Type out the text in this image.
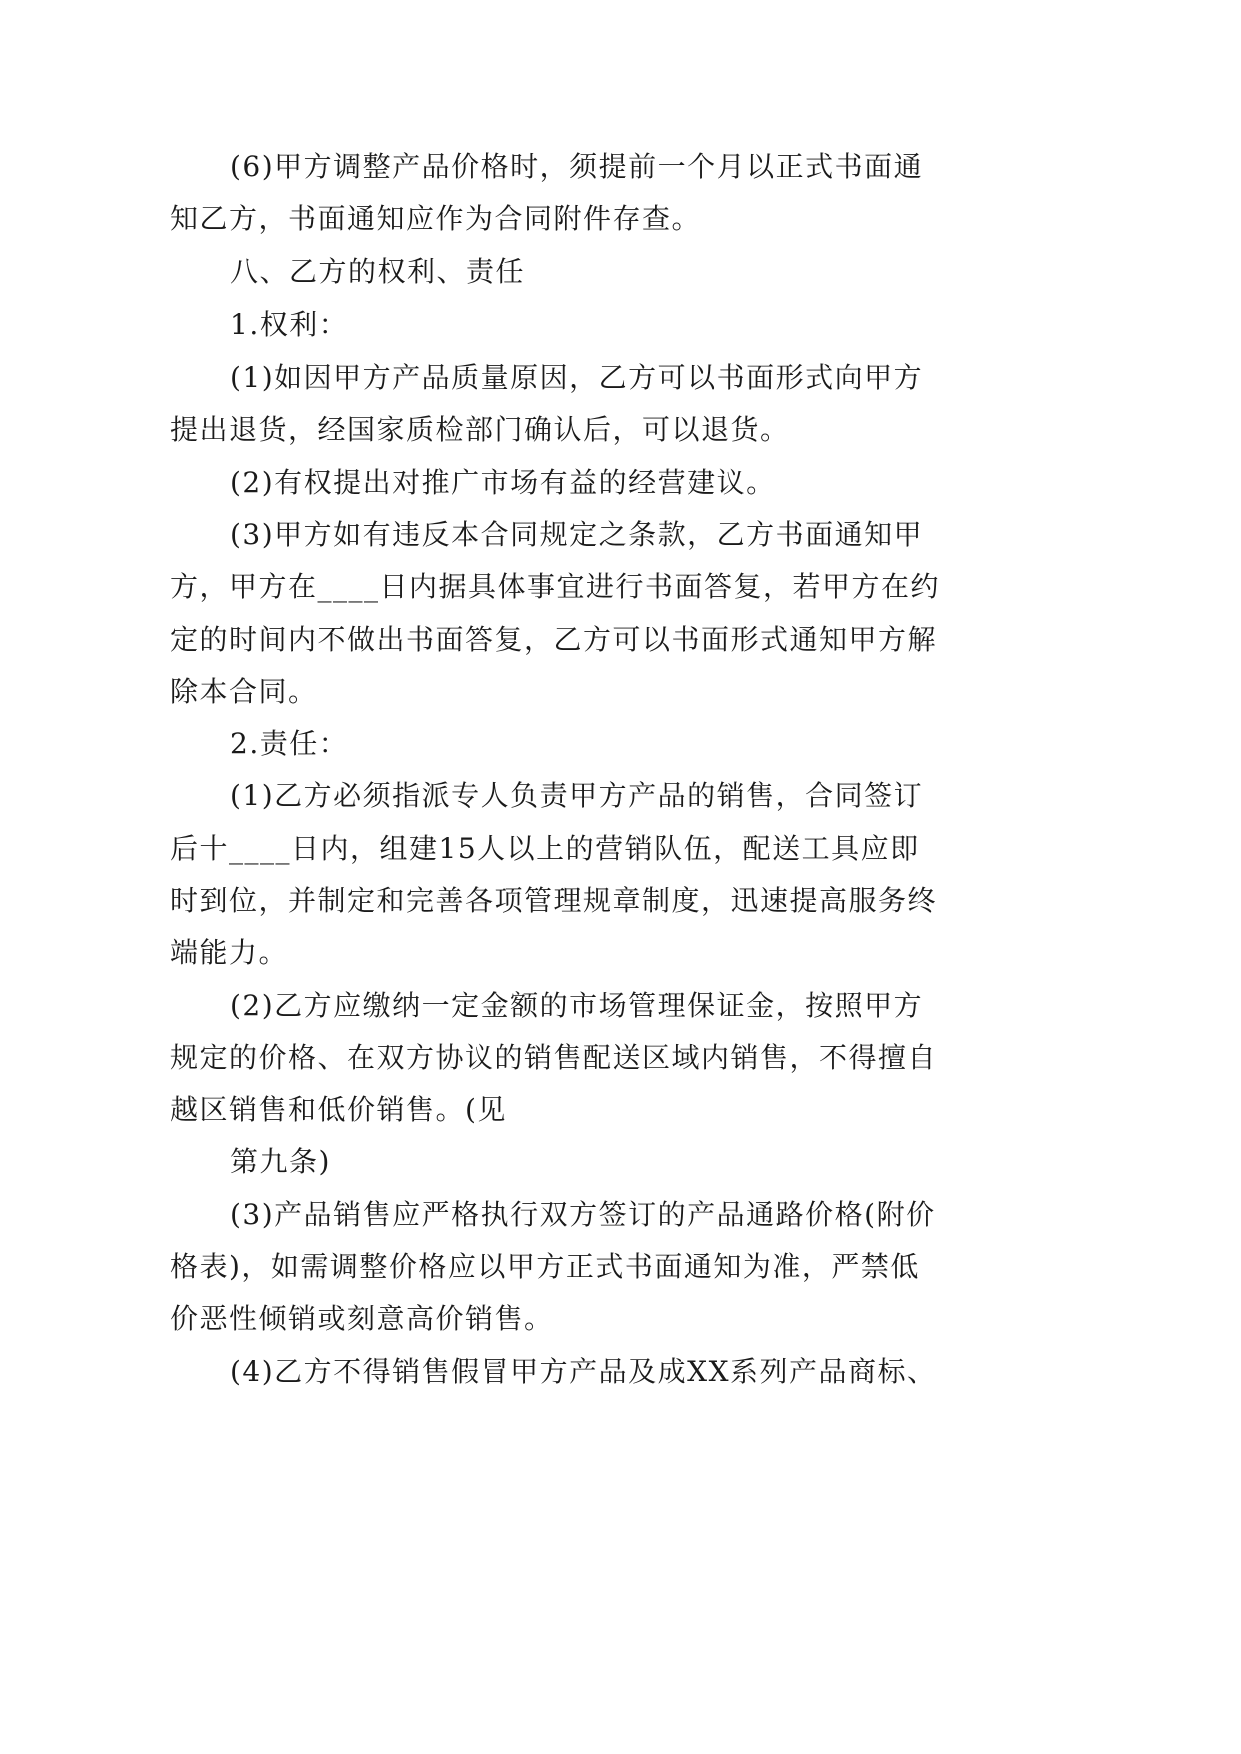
(6)甲方调整产品价格时，须提前一个月以正式书面通
知乙方，书面通知应作为合同附件存查。
八、乙方的权利、责任
1.权利：
(1)如因甲方产品质量原因，乙方可以书面形式向甲方
提出退货，经国家质检部门确认后，可以退货。
(2)有权提出对推广市场有益的经营建议。
(3)甲方如有违反本合同规定之条款，乙方书面通知甲
方，甲方在____日内据具体事宜进行书面答复，若甲方在约
定的时间内不做出书面答复，乙方可以书面形式通知甲方解
除本合同。
2.责任：
(1)乙方必须指派专人负责甲方产品的销售，合同签订
后十____日内，组建15人以上的营销队伍，配送工具应即
时到位，并制定和完善各项管理规章制度，迅速提高服务终
端能力。
(2)乙方应缴纳一定金额的市场管理保证金，按照甲方
规定的价格、在双方协议的销售配送区域内销售，不得擅自
越区销售和低价销售。(见
第九条)
(3)产品销售应严格执行双方签订的产品通路价格(附价
格表)，如需调整价格应以甲方正式书面通知为准，严禁低
价恶性倾销或刻意高价销售。
(4)乙方不得销售假冒甲方产品及成XX系列产品商标、
